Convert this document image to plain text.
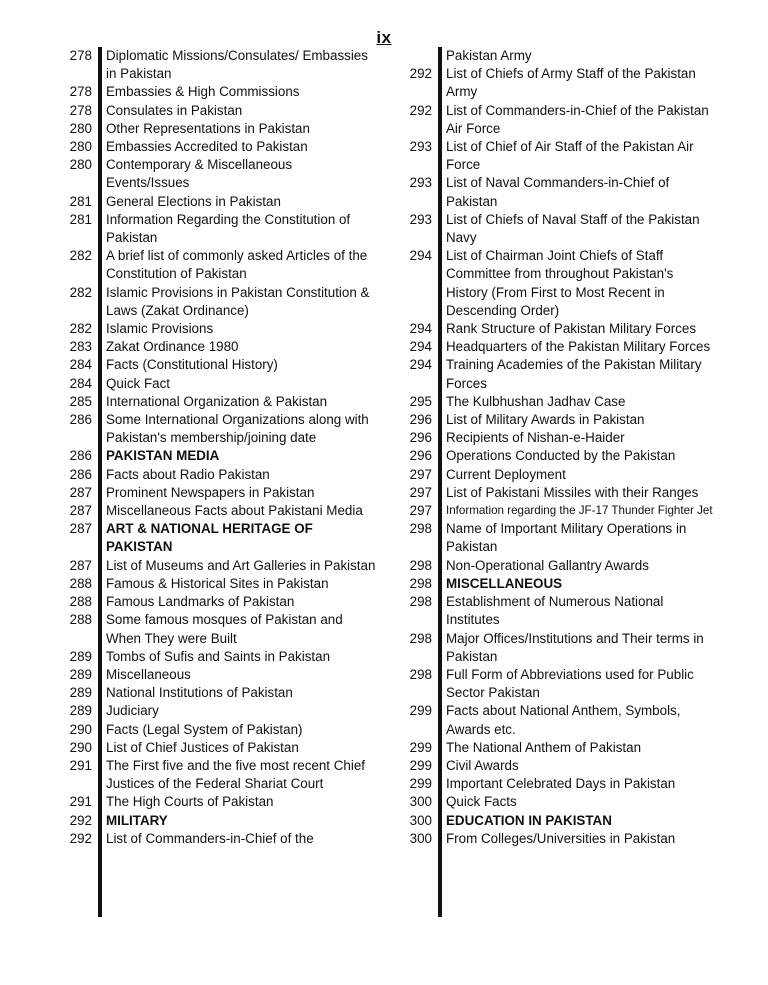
ix
278	Diplomatic Missions/Consulates/ Embassies in Pakistan
278	Embassies & High Commissions
278	Consulates in Pakistan
280	Other Representations in Pakistan
280	Embassies Accredited to Pakistan
280	Contemporary & Miscellaneous Events/Issues
281	General Elections in Pakistan
281	Information Regarding the Constitution of Pakistan
282	A brief list of commonly asked Articles of the Constitution of Pakistan
282	Islamic Provisions in Pakistan Constitution & Laws (Zakat Ordinance)
282	Islamic Provisions
283	Zakat Ordinance 1980
284	Facts (Constitutional History)
284	Quick Fact
285	International Organization & Pakistan
286	Some International Organizations along with Pakistan's membership/joining date
286	PAKISTAN MEDIA
286	Facts about Radio Pakistan
287	Prominent Newspapers in Pakistan
287	Miscellaneous Facts about Pakistani Media
287	ART & NATIONAL HERITAGE OF PAKISTAN
287	List of Museums and Art Galleries in Pakistan
288	Famous & Historical Sites in Pakistan
288	Famous Landmarks of Pakistan
288	Some famous mosques of Pakistan and When They were Built
289	Tombs of Sufis and Saints in Pakistan
289	Miscellaneous
289	National Institutions of Pakistan
289	Judiciary
290	Facts (Legal System of Pakistan)
290	List of Chief Justices of Pakistan
291	The First five and the five most recent Chief Justices of the Federal Shariat Court
291	The High Courts of Pakistan
292	MILITARY
292	List of Commanders-in-Chief of the
Pakistan Army
292	List of Chiefs of Army Staff of the Pakistan Army
292	List of Commanders-in-Chief of the Pakistan Air Force
293	List of Chief of Air Staff of the Pakistan Air Force
293	List of Naval Commanders-in-Chief of Pakistan
293	List of Chiefs of Naval Staff of the Pakistan Navy
294	List of Chairman Joint Chiefs of Staff Committee from throughout Pakistan's History (From First to Most Recent in Descending Order)
294	Rank Structure of Pakistan Military Forces
294	Headquarters of the Pakistan Military Forces
294	Training Academies of the Pakistan Military Forces
295	The Kulbhushan Jadhav Case
296	List of Military Awards in Pakistan
296	Recipients of Nishan-e-Haider
296	Operations Conducted by the Pakistan
297	Current Deployment
297	List of Pakistani Missiles with their Ranges
297	Information regarding the JF-17 Thunder Fighter Jet
298	Name of Important Military Operations in Pakistan
298	Non-Operational Gallantry Awards
298	MISCELLANEOUS
298	Establishment of Numerous National Institutes
298	Major Offices/Institutions and Their terms in Pakistan
298	Full Form of Abbreviations used for Public Sector Pakistan
299	Facts about National Anthem, Symbols, Awards etc.
299	The National Anthem of Pakistan
299	Civil Awards
299	Important Celebrated Days in Pakistan
300	Quick Facts
300	EDUCATION IN PAKISTAN
300	From Colleges/Universities in Pakistan
